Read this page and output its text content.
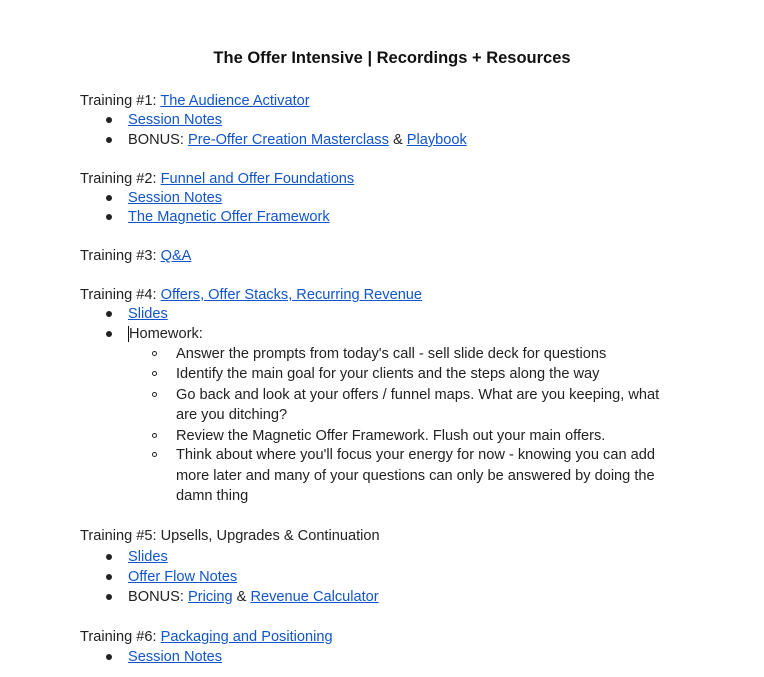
The Offer Intensive | Recordings + Resources
Training #1: The Audience Activator
Session Notes
BONUS: Pre-Offer Creation Masterclass & Playbook
Training #2: Funnel and Offer Foundations
Session Notes
The Magnetic Offer Framework
Training #3: Q&A
Training #4: Offers, Offer Stacks, Recurring Revenue
Slides
Homework:
Answer the prompts from today's call - sell slide deck for questions
Identify the main goal for your clients and the steps along the way
Go back and look at your offers / funnel maps. What are you keeping, what
are you ditching?
Review the Magnetic Offer Framework. Flush out your main offers.
Think about where you'll focus your energy for now - knowing you can add
more later and many of your questions can only be answered by doing the
damn thing
Training #5: Upsells, Upgrades & Continuation
Slides
Offer Flow Notes
BONUS: Pricing & Revenue Calculator
Training #6: Packaging and Positioning
Session Notes
